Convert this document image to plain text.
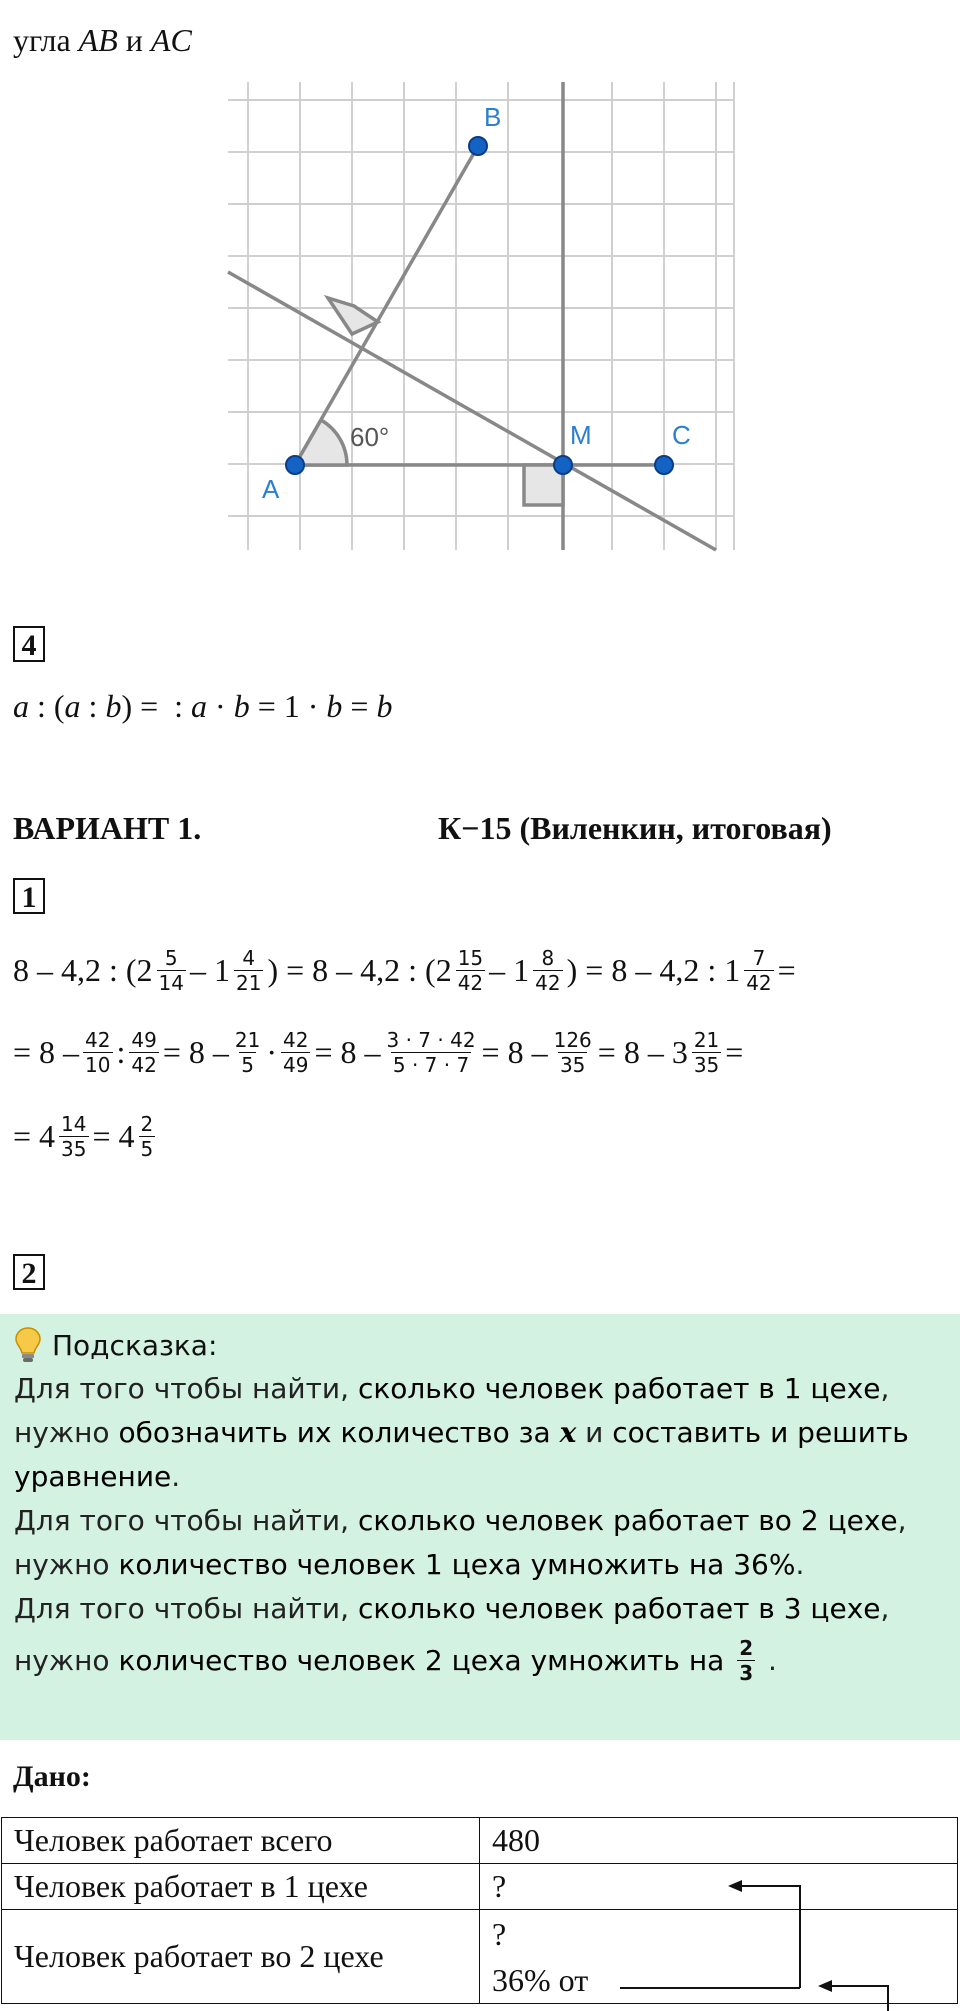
угла AB и AC
B
A
M	C
60°
4
a : ( a : b ) =  : a · b = 1 · b = b
ВАРИАНТ 1.	К−15 (Виленкин, итоговая)
1
8 – 4,2 : ($2 \frac{5}{14} - 1 \frac{4}{21}$ ) = 8 – 4,2 : ($2 \frac{15}{42} - 1 \frac{8}{42}$ ) = 8 – 4,2 : $1 \frac{7}{42}$ =
= $8 - \frac{42}{10}$ : $\frac{49}{42} = 8 - \frac{21}{5} \cdot \frac{42}{49} = 8 - \frac{3 \cdot 7 \cdot 42}{5 \cdot 7 \cdot 7} = 8 - \frac{126}{35} = 8 - 3 \frac{21}{35}$ =
= $4 \frac{14}{35} = 4 \frac{2}{5}$
2
Подсказка:
Для того чтобы найти, сколько человек работает в 1 цехе,
нужно обозначить их количество за x и составить и решить
уравнение.
Для того чтобы найти, сколько человек работает во 2 цехе,
нужно количество человек 1 цеха умножить на 36%.
Для того чтобы найти, сколько человек работает в 3 цехе,
нужно количество человек 2 цеха умножить на $\frac{2}{3}$ .
Дано:
Человек работает всего	480
Человек работает в 1 цехе	?
Человек работает во 2 цехе	?
36% от
